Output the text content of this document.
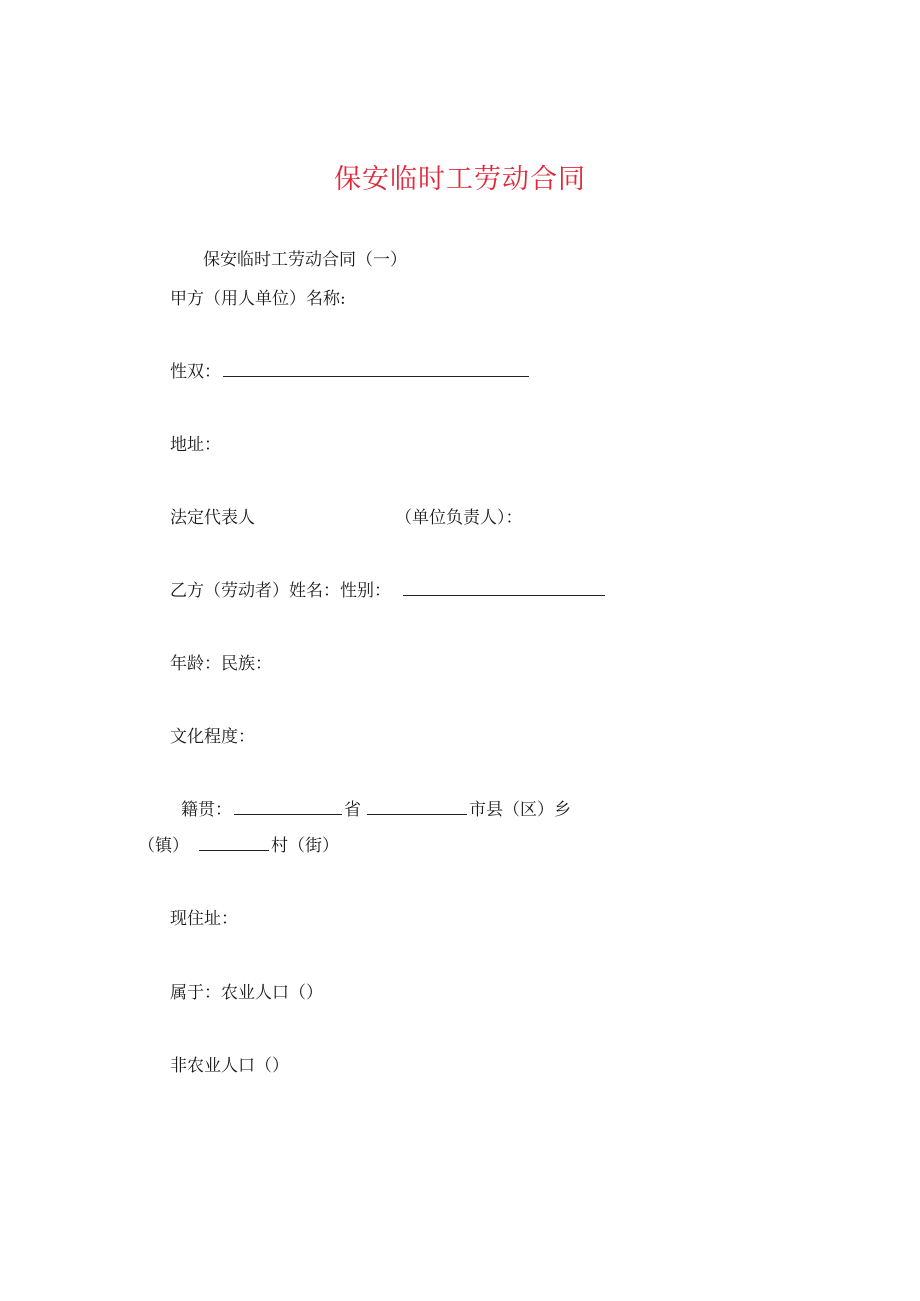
保安临时工劳动合同
保安临时工劳动合同（一）
甲方（用人单位）名称:
性双：
地址：
法定代表人	（单位负责人）：
乙方（劳动者）姓名：性别：
年龄：民族：
文化程度：
籍贯：	省	市县（区）乡
（镇）	村（街）
现住址：
属于：农业人口（）
非农业人口（）
